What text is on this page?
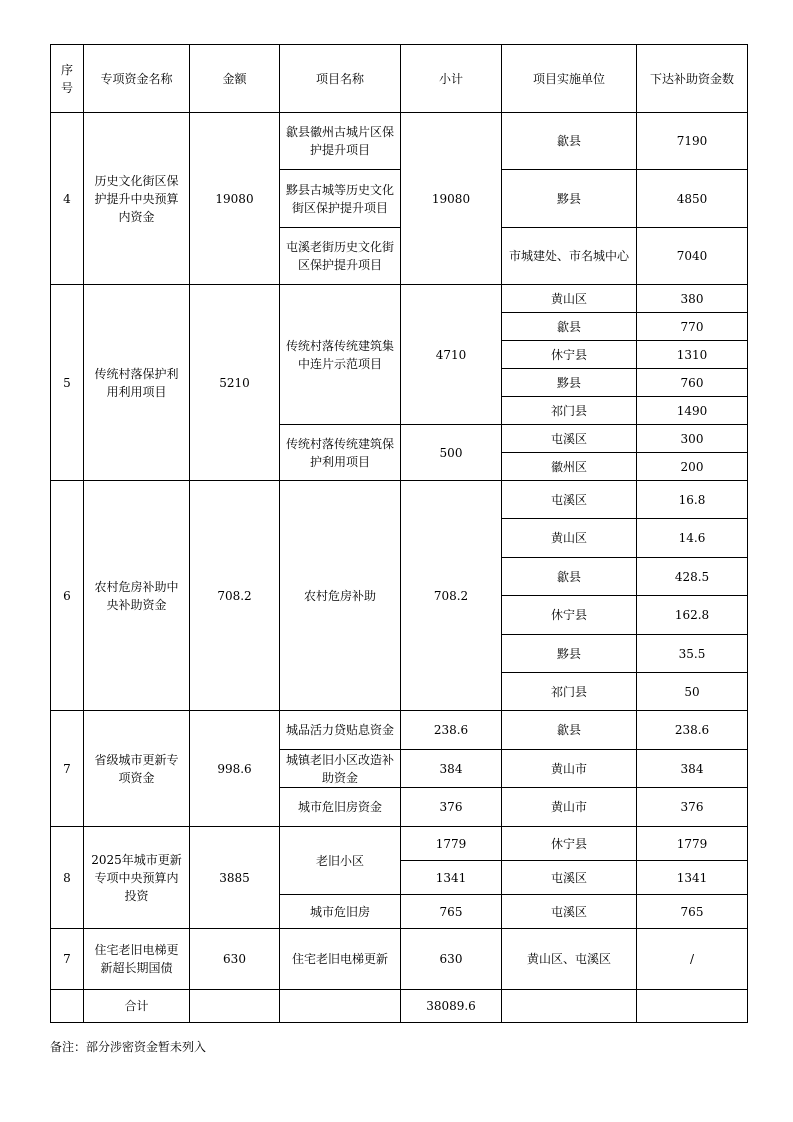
序号	专项资金名称	金额	项目名称	小计	项目实施单位	下达补助资金数
4	历史文化街区保护提升中央预算内资金	19080	歙县徽州古城片区保护提升项目	19080	歙县	7190
			黟县古城等历史文化街区保护提升项目		黟县	4850
			屯溪老街历史文化街区保护提升项目		市城建处、市名城中心	7040
5	传统村落保护利用利用项目	5210	传统村落传统建筑集中连片示范项目	4710	黄山区	380
					歙县	770
					休宁县	1310
					黟县	760
					祁门县	1490
			传统村落传统建筑保护利用项目	500	屯溪区	300
					徽州区	200
6	农村危房补助中央补助资金	708.2	农村危房补助	708.2	屯溪区	16.8
					黄山区	14.6
					歙县	428.5
					休宁县	162.8
					黟县	35.5
					祁门县	50
7	省级城市更新专项资金	998.6	城品活力贷贴息资金	238.6	歙县	238.6
			城镇老旧小区改造补助资金	384	黄山市	384
			城市危旧房资金	376	黄山市	376
8	2025年城市更新专项中央预算内投资	3885	老旧小区	1779	休宁县	1779
				1341	屯溪区	1341
			城市危旧房	765	屯溪区	765
7	住宅老旧电梯更新超长期国债	630	住宅老旧电梯更新	630	黄山区、屯溪区	/
	合计			38089.6		
备注：部分涉密资金暂未列入
